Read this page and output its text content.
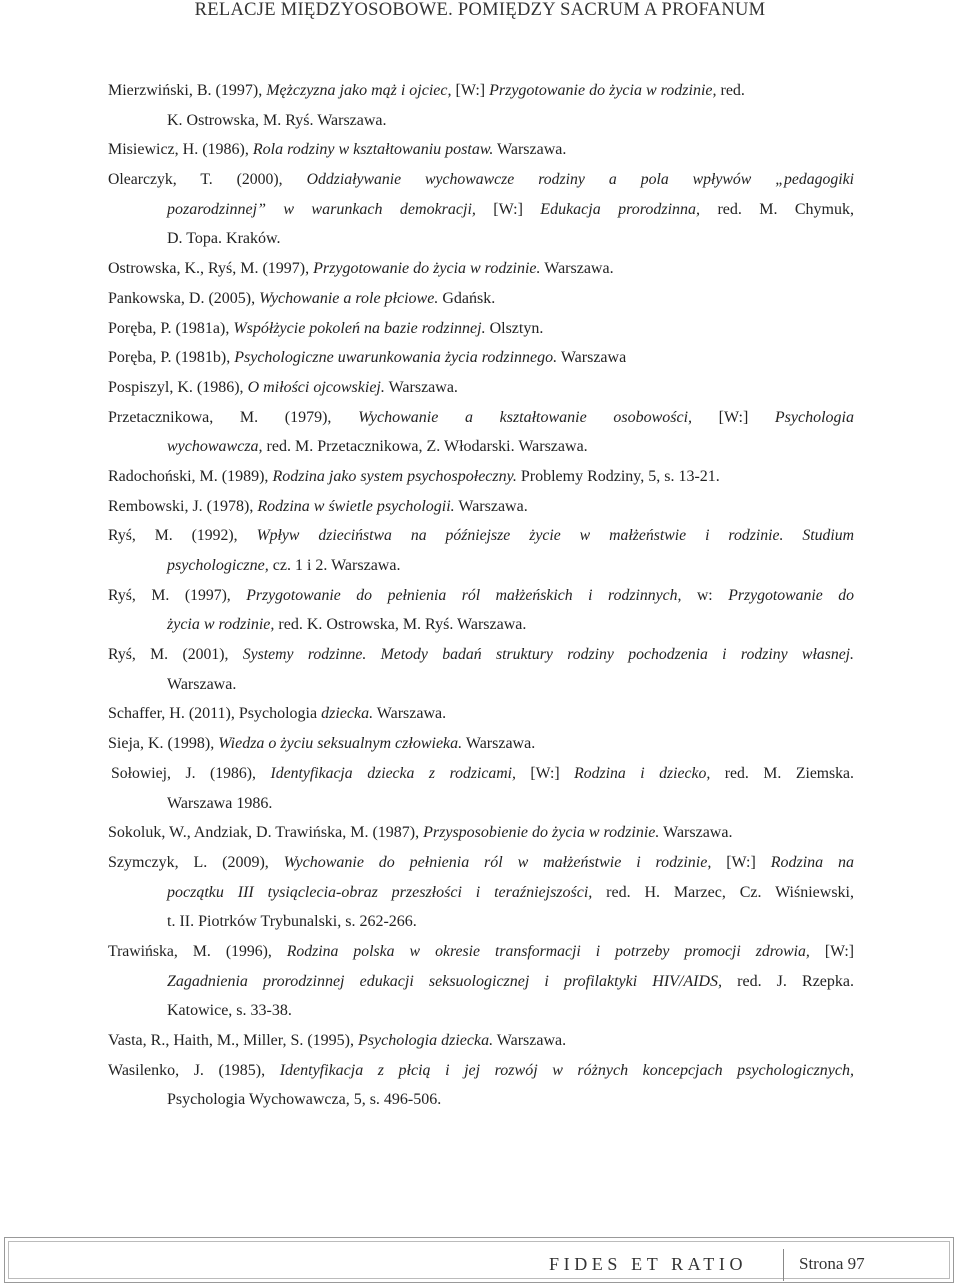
RELACJE MIĘDZYOSOBOWE. POMIĘDZY SACRUM A PROFANUM
Mierzwiński, B. (1997), Mężczyzna jako mąż i ojciec, [W:] Przygotowanie do życia w rodzinie, red.
K. Ostrowska, M. Ryś. Warszawa.
Misiewicz, H. (1986), Rola rodziny w kształtowaniu postaw. Warszawa.
Olearczyk, T. (2000), Oddziaływanie wychowawcze rodziny a pola wpływów „pedagogiki
pozarodzinnej” w warunkach demokracji, [W:] Edukacja prorodzinna, red. M. Chymuk,
D. Topa. Kraków.
Ostrowska, K., Ryś, M. (1997), Przygotowanie do życia w rodzinie. Warszawa.
Pankowska, D. (2005), Wychowanie a role płciowe. Gdańsk.
Poręba, P. (1981a), Współżycie pokoleń na bazie rodzinnej. Olsztyn.
Poręba, P. (1981b), Psychologiczne uwarunkowania życia rodzinnego. Warszawa
Pospiszyl, K. (1986), O miłości ojcowskiej. Warszawa.
Przetacznikowa, M. (1979), Wychowanie a kształtowanie osobowości, [W:] Psychologia
wychowawcza, red. M. Przetacznikowa, Z. Włodarski. Warszawa.
Radochoński, M. (1989), Rodzina jako system psychospołeczny. Problemy Rodziny, 5, s. 13-21.
Rembowski, J. (1978), Rodzina w świetle psychologii. Warszawa.
Ryś, M. (1992), Wpływ dzieciństwa na późniejsze życie w małżeństwie i rodzinie. Studium
psychologiczne, cz. 1 i 2. Warszawa.
Ryś, M. (1997), Przygotowanie do pełnienia ról małżeńskich i rodzinnych, w: Przygotowanie do
życia w rodzinie, red. K. Ostrowska, M. Ryś. Warszawa.
Ryś, M. (2001), Systemy rodzinne. Metody badań struktury rodziny pochodzenia i rodziny własnej.
Warszawa.
Schaffer, H. (2011), Psychologia dziecka. Warszawa.
Sieja, K. (1998), Wiedza o życiu seksualnym człowieka. Warszawa.
Sołowiej, J. (1986), Identyfikacja dziecka z rodzicami, [W:] Rodzina i dziecko, red. M. Ziemska.
Warszawa 1986.
Sokoluk, W., Andziak, D. Trawińska, M. (1987), Przysposobienie do życia w rodzinie. Warszawa.
Szymczyk, L. (2009), Wychowanie do pełnienia ról w małżeństwie i rodzinie, [W:] Rodzina na
początku III tysiąclecia-obraz przeszłości i teraźniejszości, red. H. Marzec, Cz. Wiśniewski,
t. II. Piotrków Trybunalski, s. 262-266.
Trawińska, M. (1996), Rodzina polska w okresie transformacji i potrzeby promocji zdrowia, [W:]
Zagadnienia prorodzinnej edukacji seksuologicznej i profilaktyki HIV/AIDS, red. J. Rzepka.
Katowice, s. 33-38.
Vasta, R., Haith, M., Miller, S. (1995), Psychologia dziecka. Warszawa.
Wasilenko, J. (1985), Identyfikacja z płcią i jej rozwój w różnych koncepcjach psychologicznych,
Psychologia Wychowawcza, 5, s. 496-506.
FIDES ET RATIO	Strona 97
